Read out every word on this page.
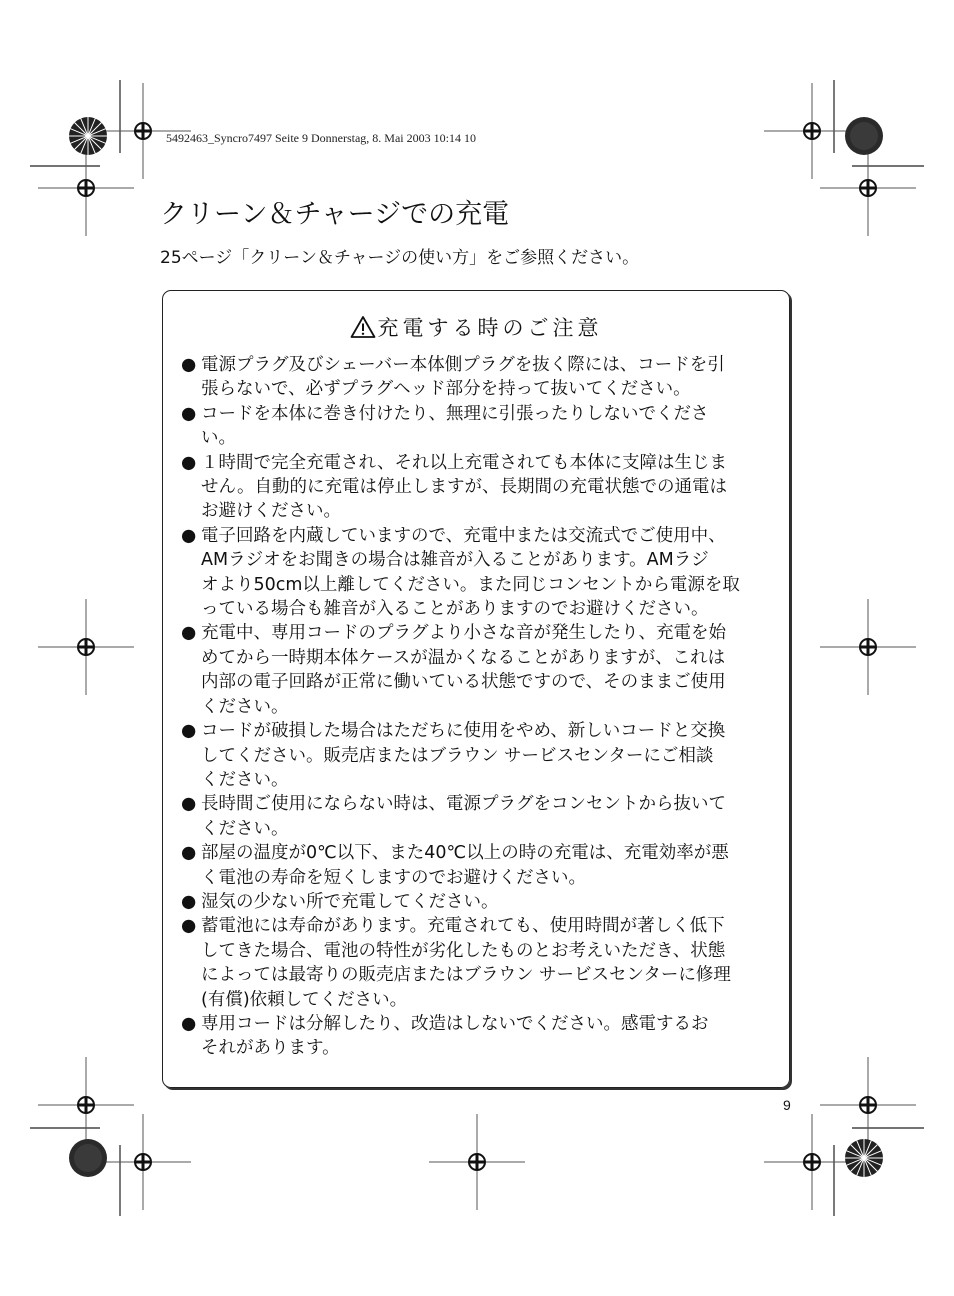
5492463_Syncro7497 Seite 9 Donnerstag, 8. Mai 2003 10:14 10
クリーン＆チャージでの充電
25ページ「クリーン＆チャージの使い方」をご参照ください。
充電する時のご注意
● 電源プラグ及びシェーバー本体側プラグを抜く際には、コードを引
張らないで、必ずプラグヘッド部分を持って抜いてください。
● コードを本体に巻き付けたり、無理に引張ったりしないでくださ
い。
● １時間で完全充電され、それ以上充電されても本体に支障は生じま
せん。自動的に充電は停止しますが、長期間の充電状態での通電は
お避けください。
● 電子回路を内蔵していますので、充電中または交流式でご使用中、
AMラジオをお聞きの場合は雑音が入ることがあります。AMラジ
オより50cm以上離してください。また同じコンセントから電源を取
っている場合も雑音が入ることがありますのでお避けください。
● 充電中、専用コードのプラグより小さな音が発生したり、充電を始
めてから一時期本体ケースが温かくなることがありますが、これは
内部の電子回路が正常に働いている状態ですので、そのままご使用
ください。
● コードが破損した場合はただちに使用をやめ、新しいコードと交換
してください。販売店またはブラウン サービスセンターにご相談
ください。
● 長時間ご使用にならない時は、電源プラグをコンセントから抜いて
ください。
● 部屋の温度が0℃以下、また40℃以上の時の充電は、充電効率が悪
く電池の寿命を短くしますのでお避けください。
● 湿気の少ない所で充電してください。
● 蓄電池には寿命があります。充電されても、使用時間が著しく低下
してきた場合、電池の特性が劣化したものとお考えいただき、状態
によっては最寄りの販売店またはブラウン サービスセンターに修理
(有償)依頼してください。
● 専用コードは分解したり、改造はしないでください。感電するお
それがあります。
9
